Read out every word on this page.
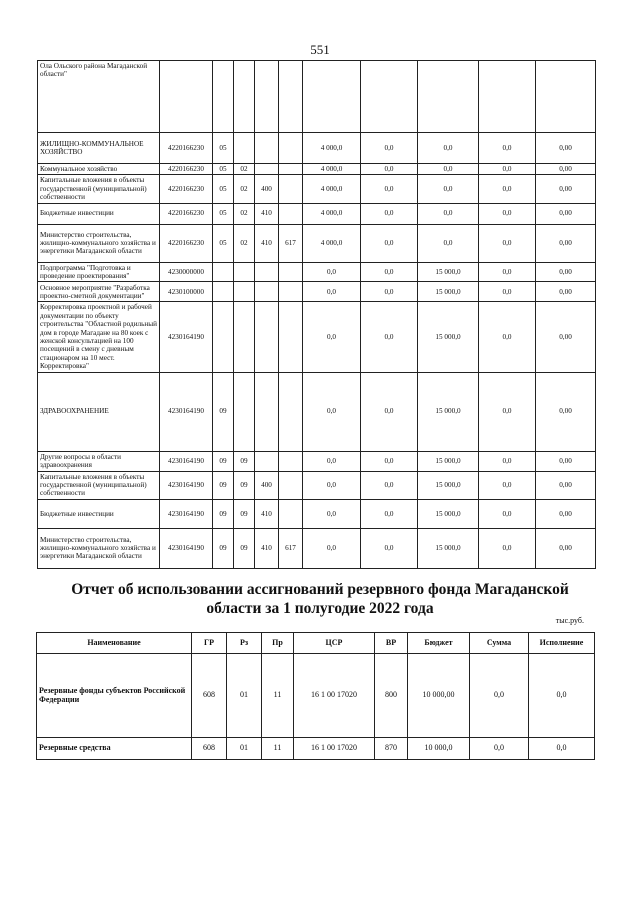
551
Ола Ольского района Магаданской области"										
ЖИЛИЩНО-КОММУНАЛЬНОЕ ХОЗЯЙСТВО	4220166230	05				4 000,0	0,0	0,0	0,0	0,00
Коммунальное хозяйство	4220166230	05	02			4 000,0	0,0	0,0	0,0	0,00
Капитальные вложения в объекты государственной (муниципальной) собственности	4220166230	05	02	400		4 000,0	0,0	0,0	0,0	0,00
Бюджетные инвестиции	4220166230	05	02	410		4 000,0	0,0	0,0	0,0	0,00
Министерство строительства, жилищно-коммунального хозяйства и энергетики Магаданской области	4220166230	05	02	410	617	4 000,0	0,0	0,0	0,0	0,00
Подпрограмма "Подготовка и проведение проектирования"	4230000000					0,0	0,0	15 000,0	0,0	0,00
Основное мероприятие "Разработка проектно-сметной документации"	4230100000					0,0	0,0	15 000,0	0,0	0,00
Корректировка проектной и рабочей документации по объекту строительства "Областной родильный дом в городе Магадане на 80 коек с женской консультацией на 100 посещений в смену с дневным стационаром на 10 мест. Корректировка"	4230164190					0,0	0,0	15 000,0	0,0	0,00
ЗДРАВООХРАНЕНИЕ	4230164190	09				0,0	0,0	15 000,0	0,0	0,00
Другие вопросы в области здравоохранения	4230164190	09	09			0,0	0,0	15 000,0	0,0	0,00
Капитальные вложения в объекты государственной (муниципальной) собственности	4230164190	09	09	400		0,0	0,0	15 000,0	0,0	0,00
Бюджетные инвестиции	4230164190	09	09	410		0,0	0,0	15 000,0	0,0	0,00
Министерство строительства, жилищно-коммунального хозяйства и энергетики Магаданской области	4230164190	09	09	410	617	0,0	0,0	15 000,0	0,0	0,00
Отчет об использовании ассигнований резервного фонда Магаданской
области за 1 полугодие 2022 года
тыс.руб.
Наименование	ГР	Рз	Пр	ЦСР	ВР	Бюджет	Сумма	Исполнение
Резервные фонды субъектов Российской Федерации	608	01	11	16 1 00 17020	800	10 000,00	0,0	0,0
Резервные средства	608	01	11	16 1 00 17020	870	10 000,0	0,0	0,0
